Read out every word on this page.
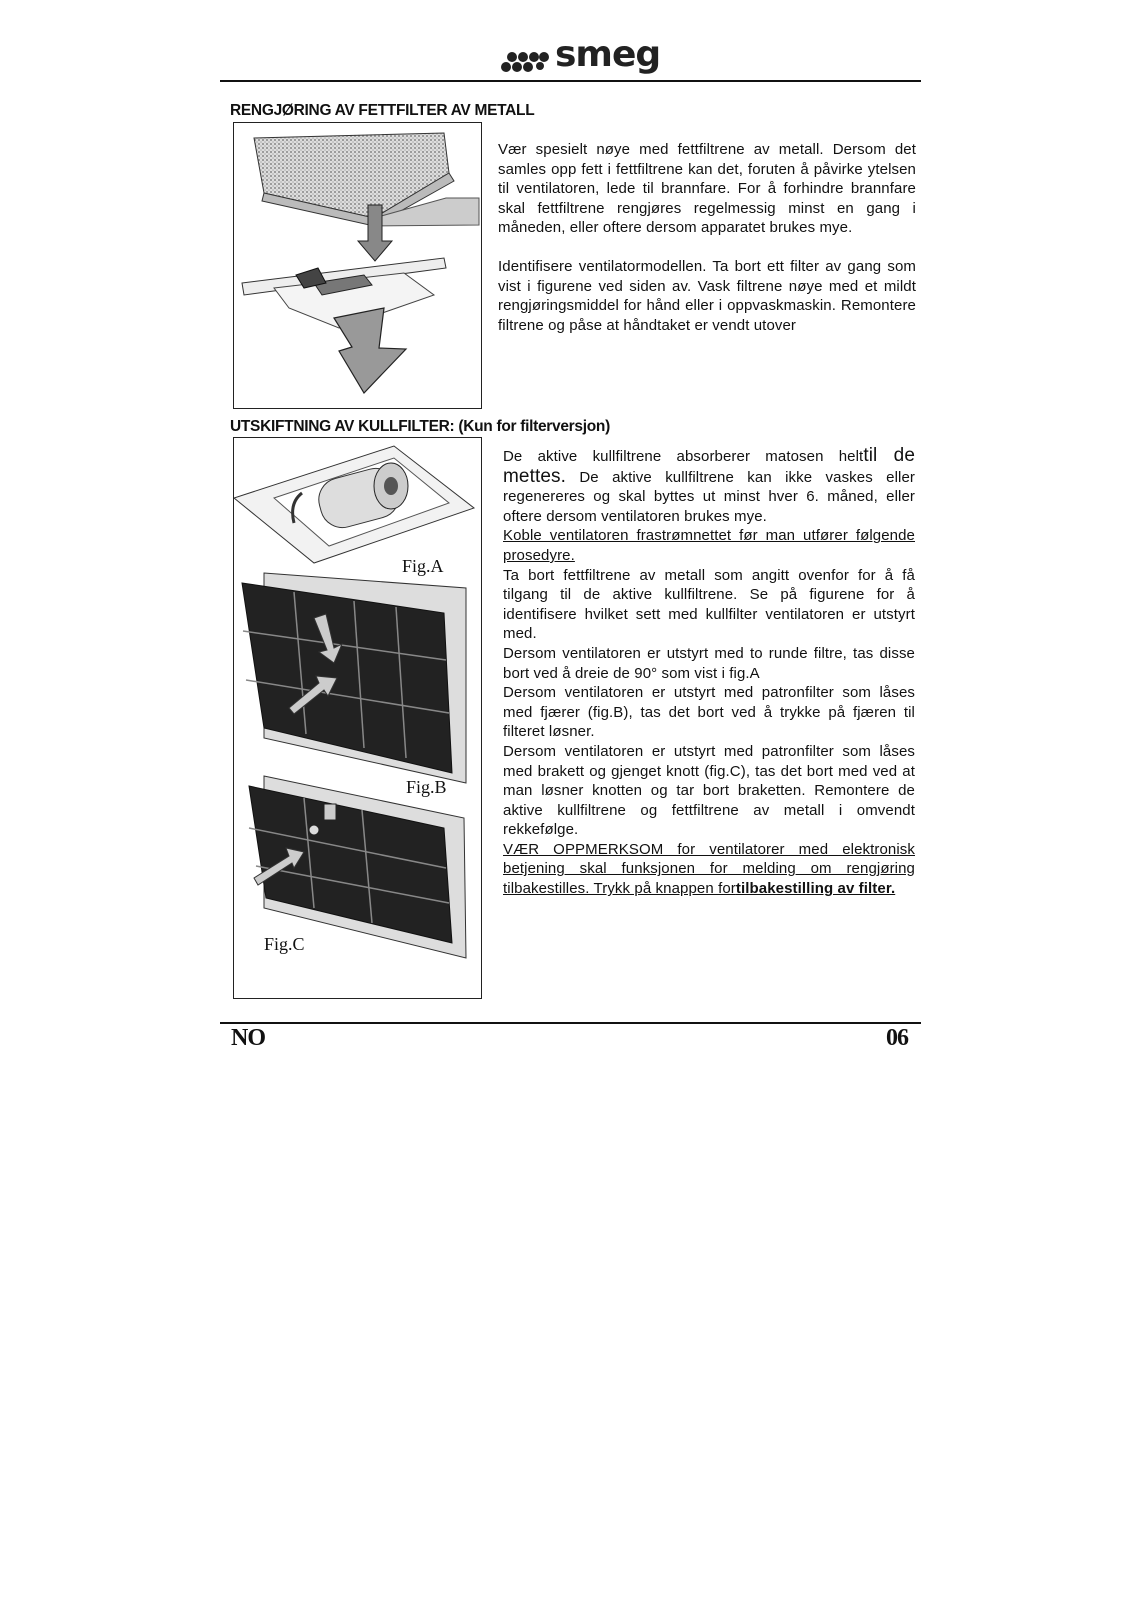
smeg
RENGJØRING AV FETTFILTER AV METALL

Vær spesielt nøye med fettfiltrene av metall. Dersom det samles opp fett i fettfiltrene kan det, foruten å påvirke ytelsen til ventilatoren, lede til brannfare. For å forhindre brannfare skal fettfiltrene rengjøres regelmessig minst en gang i måneden, eller oftere dersom apparatet brukes mye.

Identifisere ventilatormodellen. Ta bort ett filter av gang som vist i figurene ved siden av. Vask filtrene nøye med et mildt rengjøringsmiddel for hånd eller i oppvaskmaskin. Remontere filtrene og påse at håndtaket er vendt utover

UTSKIFTNING AV KULLFILTER: (Kun for filterversjon)
Fig.A
Fig.B
Fig.C

De aktive kullfiltrene absorberer matosen helttil de mettes. De aktive kullfiltrene kan ikke vaskes eller regenereres og skal byttes ut minst hver 6. måned, eller oftere dersom ventilatoren brukes mye.

Koble ventilatoren frastrømnettet før man utfører følgende prosedyre.

Ta bort fettfiltrene av metall som angitt ovenfor for å få tilgang til de aktive kullfiltrene. Se på figurene for å identifisere hvilket sett med kullfilter ventilatoren er utstyrt med.

Dersom ventilatoren er utstyrt med to runde filtre, tas disse bort ved å dreie de 90° som vist i fig.A

Dersom ventilatoren er utstyrt med patronfilter som låses med fjærer (fig.B), tas det bort ved å trykke på fjæren til filteret løsner.

Dersom ventilatoren er utstyrt med patronfilter som låses med brakett og gjenget knott (fig.C), tas det bort med ved at man løsner knotten og tar bort braketten. Remontere de aktive kullfiltrene og fettfiltrene av metall i omvendt rekkefølge.

VÆR OPPMERKSOM for ventilatorer med elektronisk betjening skal funksjonen for melding om rengjøring tilbakestilles. Trykk på knappen fortilbakestilling av filter.

NO	06
